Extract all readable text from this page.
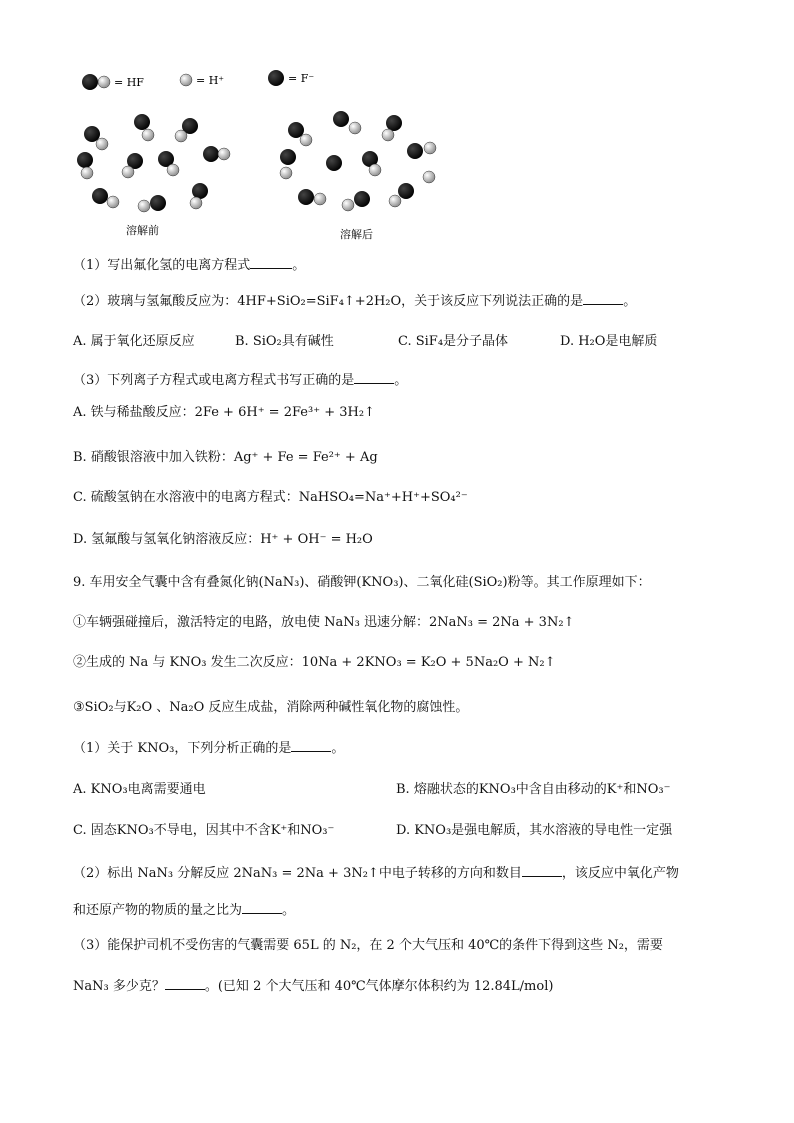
= HF	= H⁺	= F⁻
溶解前	溶解后
（1）写出氟化氢的电离方程式	。
（2）玻璃与氢氟酸反应为：4HF+SiO₂=SiF₄↑+2H₂O，关于该反应下列说法正确的是	。
A. 属于氧化还原反应	B. SiO₂具有碱性	C. SiF₄是分子晶体	D. H₂O是电解质
（3）下列离子方程式或电离方程式书写正确的是	。
A. 铁与稀盐酸反应：2Fe + 6H⁺ = 2Fe³⁺ + 3H₂↑
B. 硝酸银溶液中加入铁粉：Ag⁺ + Fe = Fe²⁺ + Ag
C. 硫酸氢钠在水溶液中的电离方程式：NaHSO₄=Na⁺+H⁺+SO₄²⁻
D. 氢氟酸与氢氧化钠溶液反应：H⁺ + OH⁻ = H₂O
9. 车用安全气囊中含有叠氮化钠(NaN₃)、硝酸钾(KNO₃)、二氧化硅(SiO₂)粉等。其工作原理如下：
①车辆强碰撞后，激活特定的电路，放电使 NaN₃ 迅速分解：2NaN₃ = 2Na + 3N₂↑
②生成的 Na 与 KNO₃ 发生二次反应：10Na + 2KNO₃ = K₂O + 5Na₂O + N₂↑
③SiO₂与K₂O 、Na₂O 反应生成盐，消除两种碱性氧化物的腐蚀性。
（1）关于 KNO₃，下列分析正确的是	。
A. KNO₃电离需要通电	B. 熔融状态的KNO₃中含自由移动的K⁺和NO₃⁻
C. 固态KNO₃不导电，因其中不含K⁺和NO₃⁻	D. KNO₃是强电解质，其水溶液的导电性一定强
（2）标出 NaN₃ 分解反应 2NaN₃ = 2Na + 3N₂↑中电子转移的方向和数目	，该反应中氧化产物
和还原产物的物质的量之比为	。
（3）能保护司机不受伤害的气囊需要 65L 的 N₂，在 2 个大气压和 40℃的条件下得到这些 N₂，需要
NaN₃ 多少克？	。(已知 2 个大气压和 40℃气体摩尔体积约为 12.84L/mol)
